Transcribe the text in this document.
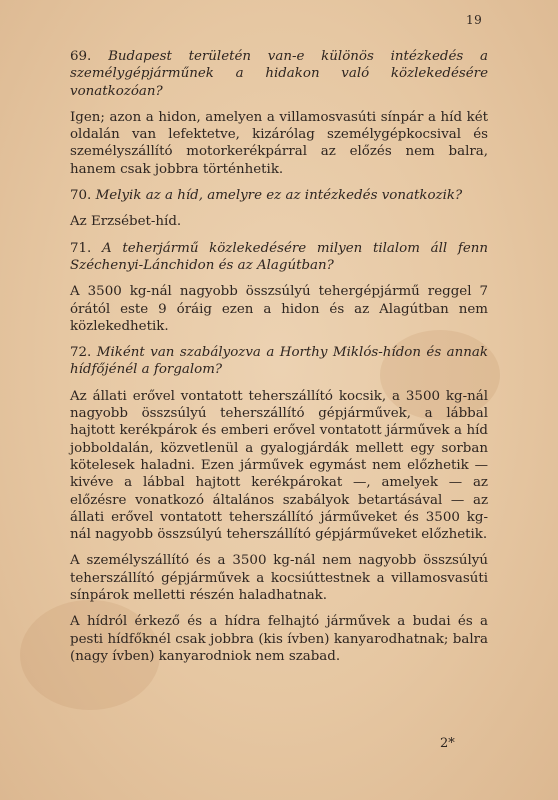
19

69. Budapest területén van-e különös intézkedés a személygépjárműnek a hidakon való közlekedésére vonatkozóan?

Igen; azon a hidon, amelyen a villamosvasúti sínpár a híd két oldalán van lefektetve, kizárólag személygépkocsival és személyszállító motorkerékpárral az előzés nem balra, hanem csak jobbra történhetik.

70. Melyik az a híd, amelyre ez az intézkedés vonatkozik?

Az Erzsébet-híd.

71. A teherjármű közlekedésére milyen tilalom áll fenn Széchenyi-Lánchidon és az Alagútban?

A 3500 kg-nál nagyobb összsúlyú tehergépjármű reggel 7 órától este 9 óráig ezen a hidon és az Alagútban nem közlekedhetik.

72. Miként van szabályozva a Horthy Miklós-hídon és annak hídfőjénél a forgalom?

Az állati erővel vontatott teherszállító kocsik, a 3500 kg-nál nagyobb összsúlyú teherszállító gépjárművek, a lábbal hajtott kerékpárok és emberi erővel vontatott járművek a híd jobboldalán, közvetlenül a gyalogjárdák mellett egy sorban kötelesek haladni. Ezen járművek egymást nem előzhetik — kivéve a lábbal hajtott kerékpárokat —, amelyek — az előzésre vonatkozó általános szabályok betartásával — az állati erővel vontatott teherszállító járműveket és 3500 kg-nál nagyobb összsúlyú teherszállító gépjárműveket előzhetik.

A személyszállító és a 3500 kg-nál nem nagyobb összsúlyú teherszállító gépjárművek a kocsiúttestnek a villamosvasúti sínpárok melletti részén haladhatnak.

A hídról érkező és a hídra felhajtó járművek a budai és a pesti hídfőknél csak jobbra (kis ívben) kanyarodhatnak; balra (nagy ívben) kanyarodniok nem szabad.

2*
